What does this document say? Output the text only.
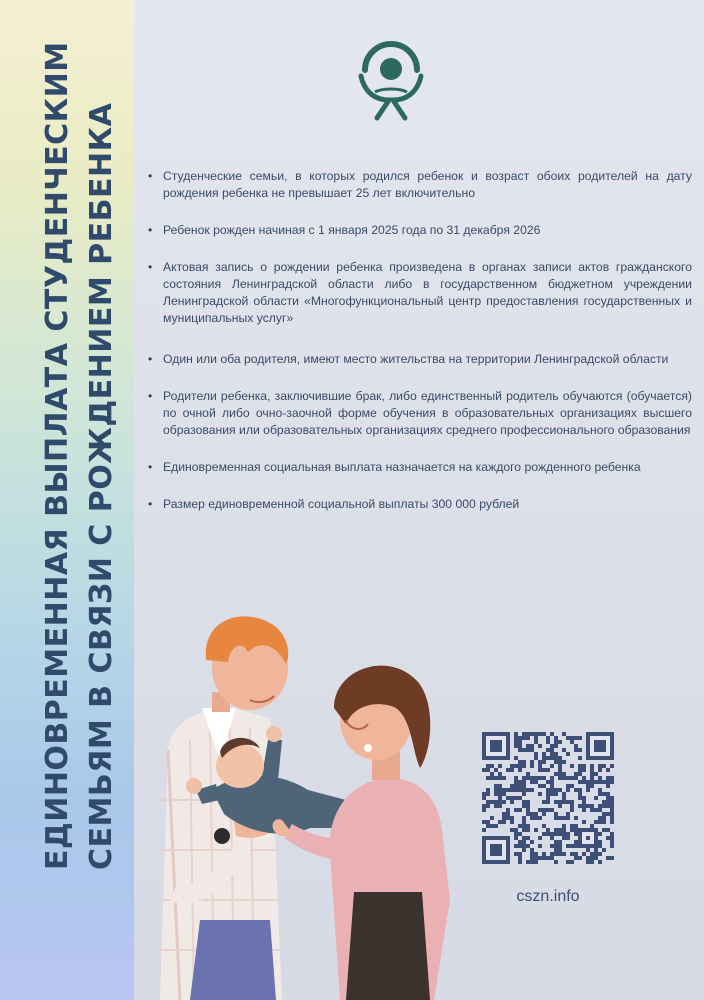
ЕДИНОВРЕМЕННАЯ ВЫПЛАТА СТУДЕНЧЕСКИМ СЕМЬЯМ В СВЯЗИ С РОЖДЕНИЕМ РЕБЕНКА
•	Студенческие семьи, в которых родился ребенок и возраст обоих родителей на дату рождения ребенка не превышает 25 лет включительно
• Ребенок рожден начиная с 1 января 2025 года по 31 декабря 2026
• Актовая запись о рождении ребенка произведена в органах записи актов гражданского состояния Ленинградской области либо в государственном бюджетном учреждении Ленинградской области «Многофункциональный центр предоставления государственных и муниципальных услуг»
• Один или оба родителя, имеют место жительства на территории Ленинградской области
• Родители ребенка, заключившие брак, либо единственный родитель обучаются (обучается) по очной либо очно-заочной форме обучения в образовательных организациях высшего образования или образовательных организациях среднего профессионального образования
• Единовременная социальная выплата назначается на каждого рожденного ребенка
• Размер единовременной социальной выплаты 300 000 рублей
cszn.info
